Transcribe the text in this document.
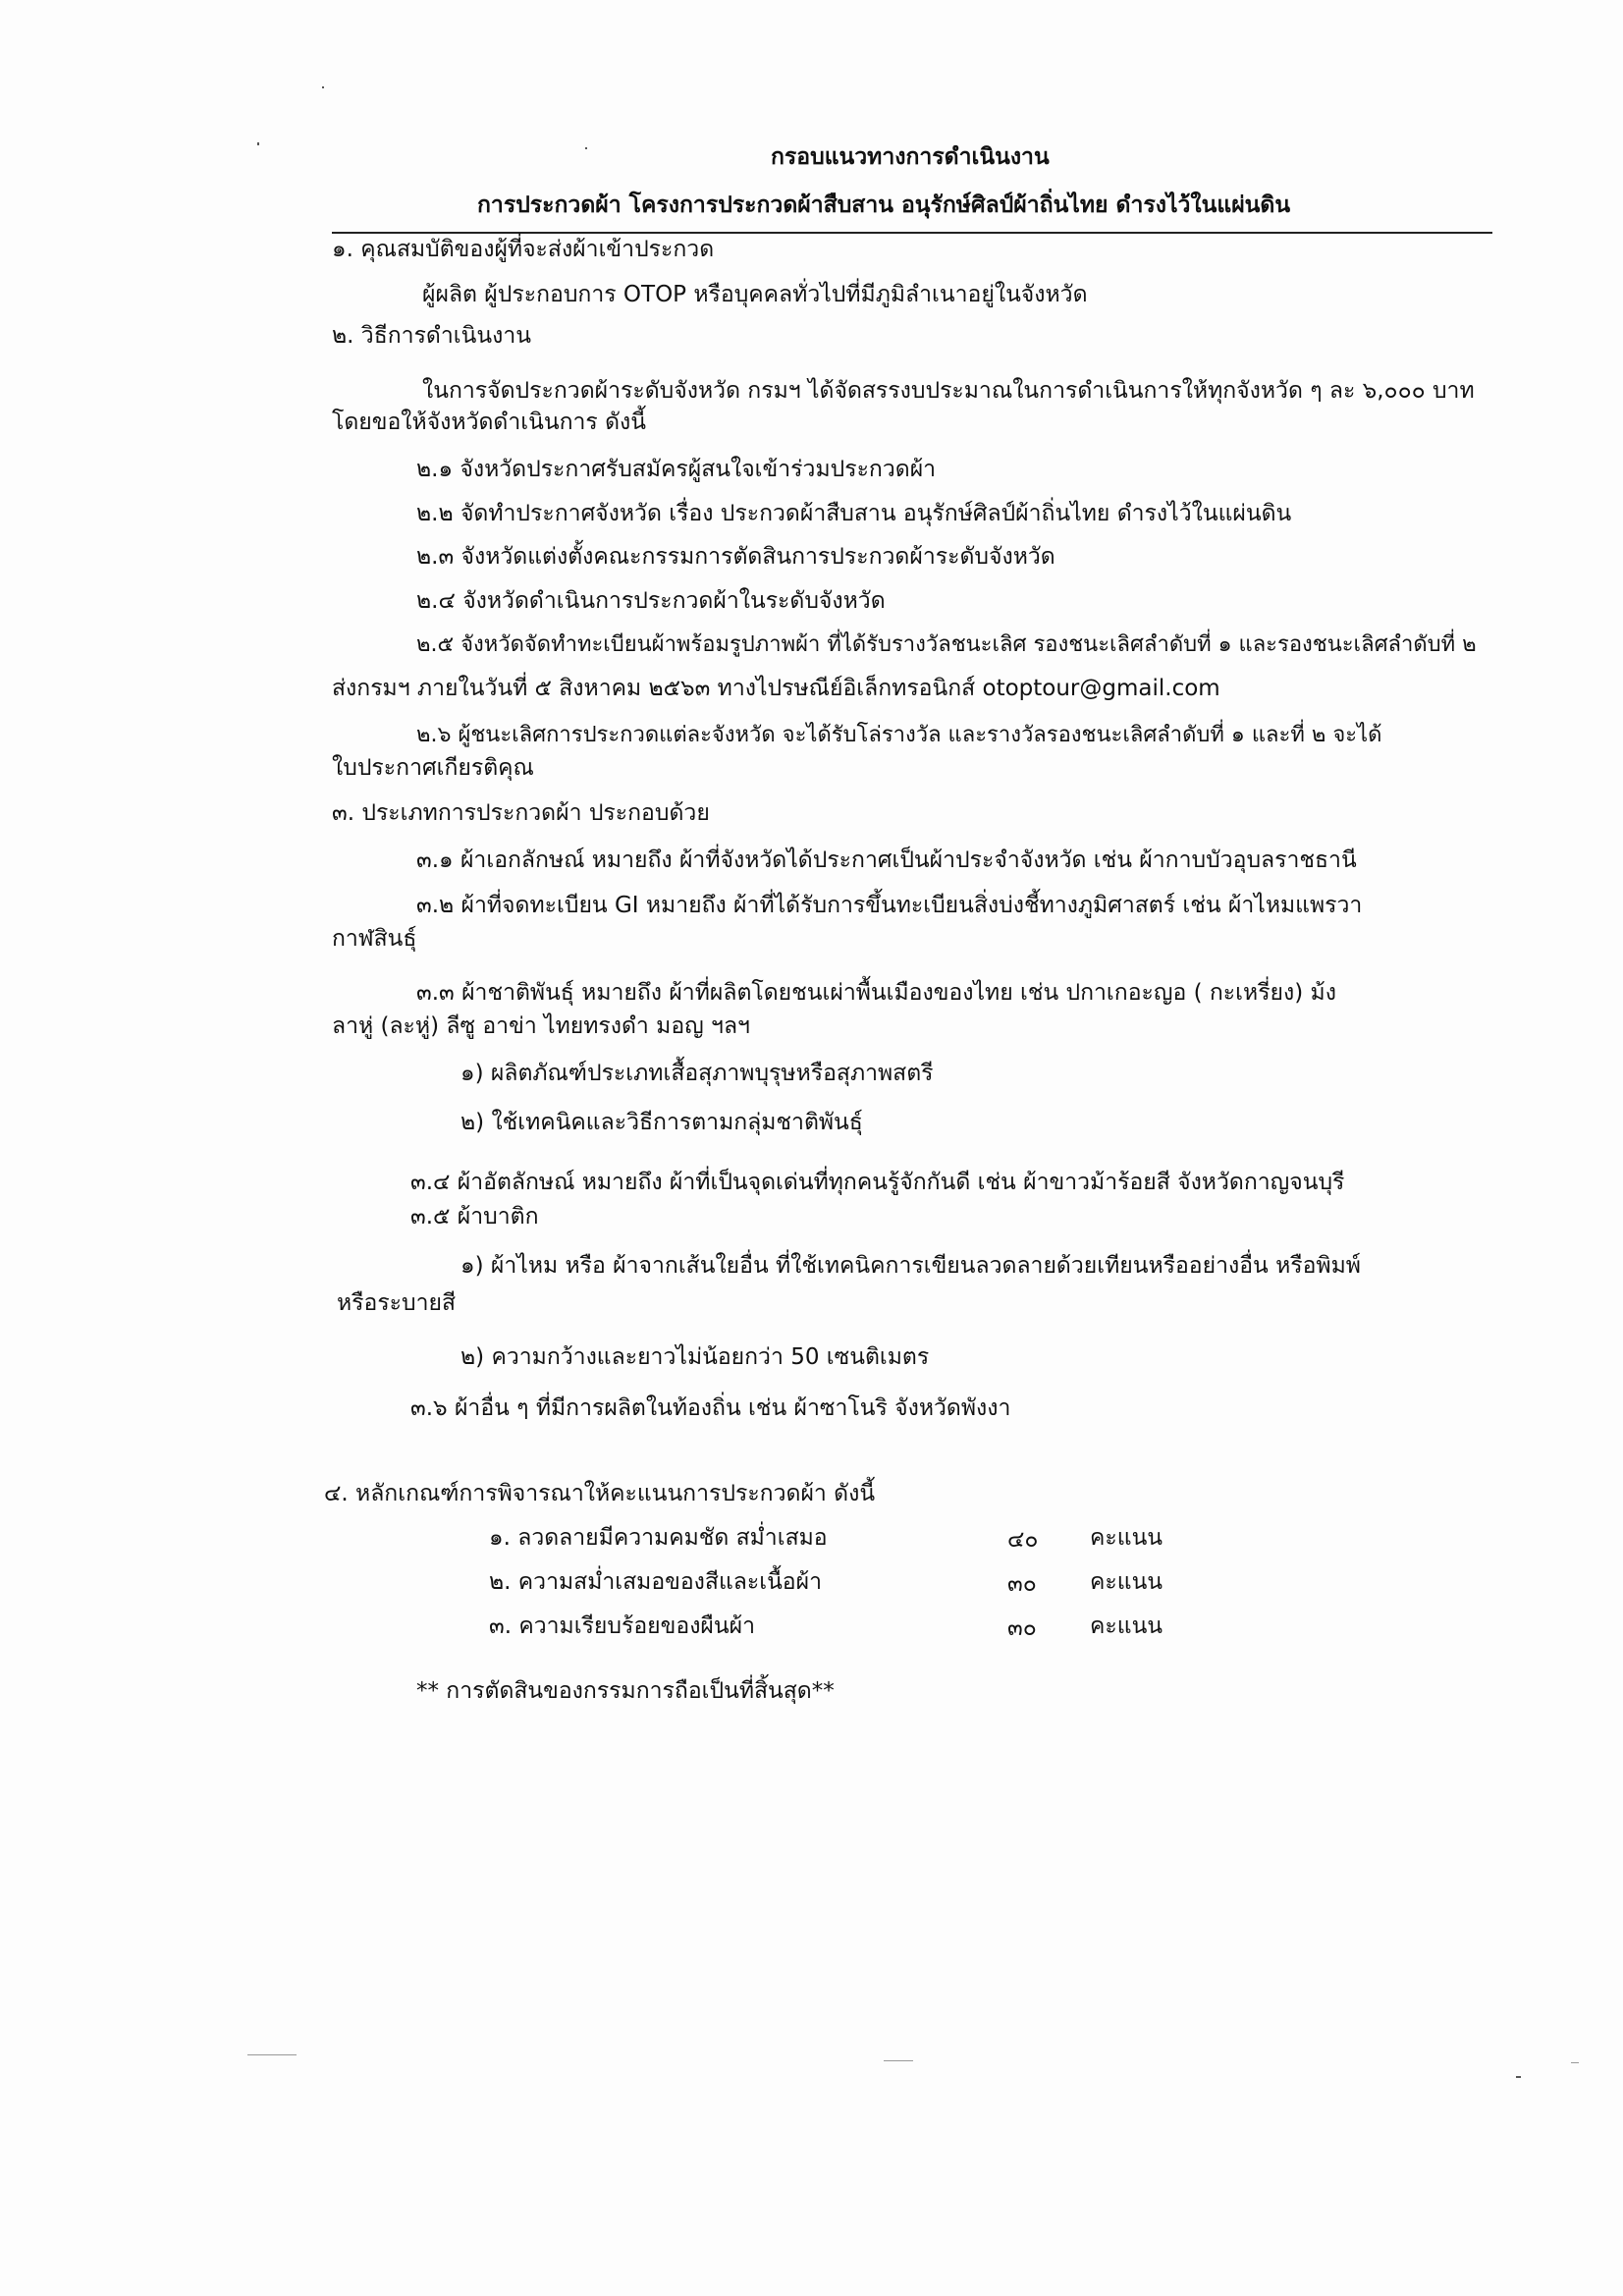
กรอบแนวทางการดำเนินงาน
การประกวดผ้า โครงการประกวดผ้าสืบสาน อนุรักษ์ศิลป์ผ้าถิ่นไทย ดำรงไว้ในแผ่นดิน
๑. คุณสมบัติของผู้ที่จะส่งผ้าเข้าประกวด
ผู้ผลิต ผู้ประกอบการ OTOP หรือบุคคลทั่วไปที่มีภูมิลำเนาอยู่ในจังหวัด
๒. วิธีการดำเนินงาน
ในการจัดประกวดผ้าระดับจังหวัด กรมฯ ได้จัดสรรงบประมาณในการดำเนินการให้ทุกจังหวัด ๆ ละ ๖,๐๐๐ บาท
โดยขอให้จังหวัดดำเนินการ ดังนี้
๒.๑ จังหวัดประกาศรับสมัครผู้สนใจเข้าร่วมประกวดผ้า
๒.๒ จัดทำประกาศจังหวัด เรื่อง ประกวดผ้าสืบสาน อนุรักษ์ศิลป์ผ้าถิ่นไทย ดำรงไว้ในแผ่นดิน
๒.๓ จังหวัดแต่งตั้งคณะกรรมการตัดสินการประกวดผ้าระดับจังหวัด
๒.๔ จังหวัดดำเนินการประกวดผ้าในระดับจังหวัด
๒.๕ จังหวัดจัดทำทะเบียนผ้าพร้อมรูปภาพผ้า ที่ได้รับรางวัลชนะเลิศ รองชนะเลิศลำดับที่ ๑ และรองชนะเลิศลำดับที่ ๒
ส่งกรมฯ ภายในวันที่ ๕ สิงหาคม ๒๕๖๓ ทางไปรษณีย์อิเล็กทรอนิกส์ otoptour@gmail.com
๒.๖ ผู้ชนะเลิศการประกวดแต่ละจังหวัด จะได้รับโล่รางวัล และรางวัลรองชนะเลิศลำดับที่ ๑ และที่ ๒ จะได้
ใบประกาศเกียรติคุณ
๓. ประเภทการประกวดผ้า ประกอบด้วย
๓.๑ ผ้าเอกลักษณ์ หมายถึง ผ้าที่จังหวัดได้ประกาศเป็นผ้าประจำจังหวัด เช่น ผ้ากาบบัวอุบลราชธานี
๓.๒ ผ้าที่จดทะเบียน GI หมายถึง ผ้าที่ได้รับการขึ้นทะเบียนสิ่งบ่งชี้ทางภูมิศาสตร์ เช่น ผ้าไหมแพรวา
กาฬสินธุ์
๓.๓ ผ้าชาติพันธุ์ หมายถึง ผ้าที่ผลิตโดยชนเผ่าพื้นเมืองของไทย เช่น ปกาเกอะญอ ( กะเหรี่ยง) ม้ง
ลาหู่ (ละหู่) ลีซู อาข่า ไทยทรงดำ มอญ ฯลฯ
๑) ผลิตภัณฑ์ประเภทเสื้อสุภาพบุรุษหรือสุภาพสตรี
๒) ใช้เทคนิคและวิธีการตามกลุ่มชาติพันธุ์
๓.๔ ผ้าอัตลักษณ์ หมายถึง ผ้าที่เป็นจุดเด่นที่ทุกคนรู้จักกันดี เช่น ผ้าขาวม้าร้อยสี จังหวัดกาญจนบุรี
๓.๕ ผ้าบาติก
๑) ผ้าไหม หรือ ผ้าจากเส้นใยอื่น ที่ใช้เทคนิคการเขียนลวดลายด้วยเทียนหรืออย่างอื่น หรือพิมพ์
หรือระบายสี
๒) ความกว้างและยาวไม่น้อยกว่า 50 เซนติเมตร
๓.๖ ผ้าอื่น ๆ ที่มีการผลิตในท้องถิ่น เช่น ผ้าซาโนริ จังหวัดพังงา
๔. หลักเกณฑ์การพิจารณาให้คะแนนการประกวดผ้า ดังนี้
๑. ลวดลายมีความคมชัด สม่ำเสมอ	๔๐ คะแนน
๒. ความสม่ำเสมอของสีและเนื้อผ้า	๓๐ คะแนน
๓. ความเรียบร้อยของผืนผ้า	๓๐ คะแนน
** การตัดสินของกรรมการถือเป็นที่สิ้นสุด**
